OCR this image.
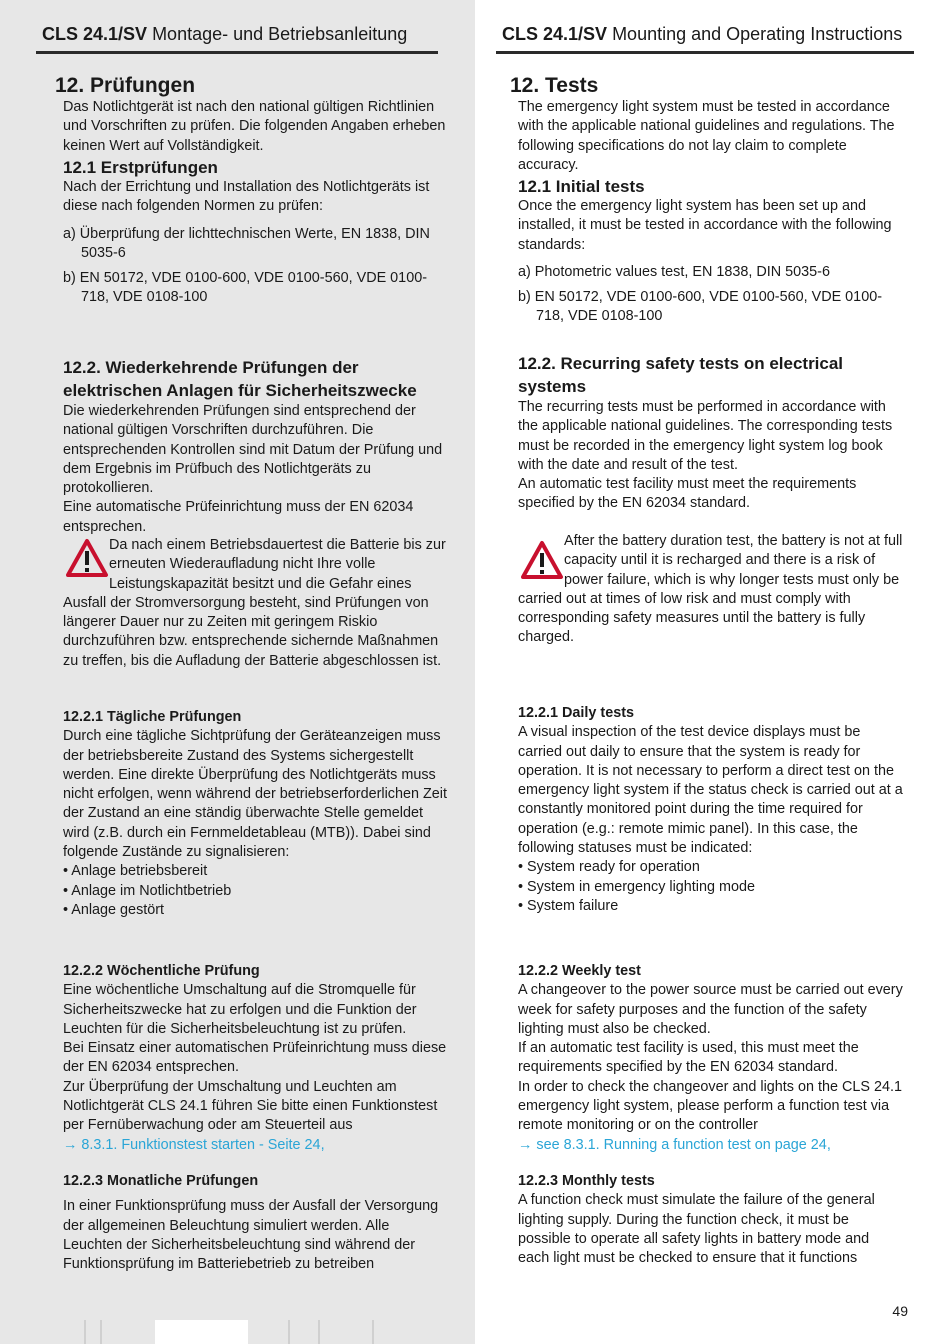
CLS 24.1/SV Montage- und Betriebsanleitung	CLS 24.1/SV Mounting and Operating Instructions
12. Prüfungen

Das Notlichtgerät ist nach den national gültigen Richtlinien und Vorschriften zu prüfen. Die folgenden Angaben erheben keinen Wert auf Vollständigkeit.

12.1 Erstprüfungen

Nach der Errichtung und Installation des Notlichtgeräts ist diese nach folgenden Normen zu prüfen:

a) Überprüfung der lichttechnischen Werte, EN 1838, DIN 5035-6
b) EN 50172, VDE 0100-600, VDE 0100-560, VDE 0100-718, VDE 0108-100
12.2. Wiederkehrende Prüfungen der elektrischen Anlagen für Sicherheitszwecke

Die wiederkehrenden Prüfungen sind entsprechend der national gültigen Vorschriften durchzuführen. Die entsprechenden Kontrollen sind mit Datum der Prüfung und dem Ergebnis im Prüfbuch des Notlichtgeräts zu protokollieren.

Eine automatische Prüfeinrichtung muss der EN 62034 entsprechen.

Da nach einem Betriebsdauertest die Batterie bis zur erneuten Wiederaufladung nicht Ihre volle Leistungskapazität besitzt und die Gefahr eines Ausfall der Stromversorgung besteht, sind Prüfungen von längerer Dauer nur zu Zeiten mit geringem Riskio durchzuführen bzw. entsprechende sichernde Maßnahmen zu treffen, bis die Aufladung der Batterie abgeschlossen ist.

12.2.1 Tägliche Prüfungen

Durch eine tägliche Sichtprüfung der Geräteanzeigen muss der betriebsbereite Zustand des Systems sichergestellt werden. Eine direkte Überprüfung des Notlichtgeräts muss nicht erfolgen, wenn während der betriebserforderlichen Zeit der Zustand an eine ständig überwachte Stelle gemeldet wird (z.B. durch ein Fernmeldetableau (MTB)). Dabei sind folgende Zustände zu signalisieren:

• Anlage betriebsbereit
• Anlage im Notlichtbetrieb
• Anlage gestört
12.2.2 Wöchentliche Prüfung

Eine wöchentliche Umschaltung auf die Stromquelle für Sicherheitszwecke hat zu erfolgen und die Funktion der Leuchten für die Sicherheitsbeleuchtung ist zu prüfen.

Bei Einsatz einer automatischen Prüfeinrichtung muss diese der EN 62034 entsprechen.

Zur Überprüfung der Umschaltung und Leuchten am Notlichtgerät CLS 24.1 führen Sie bitte einen Funktionstest per Fernüberwachung oder am Steuerteil aus

→ 8.3.1. Funktionstest starten - Seite 24,

12.2.3 Monatliche Prüfungen

In einer Funktionsprüfung muss der Ausfall der Versorgung der allgemeinen Beleuchtung simuliert werden. Alle Leuchten der Sicherheitsbeleuchtung sind während der Funktionsprüfung im Batteriebetrieb zu betreiben

12. Tests

The emergency light system must be tested in accordance with the applicable national guidelines and regulations. The following specifications do not lay claim to complete accuracy.

12.1 Initial tests

Once the emergency light system has been set up and installed, it must be tested in accordance with the following standards:

a) Photometric values test, EN 1838, DIN 5035-6
b) EN 50172, VDE 0100-600, VDE 0100-560, VDE 0100-718, VDE 0108-100
12.2. Recurring safety tests on electrical systems

The recurring tests must be performed in accordance with the applicable national guidelines. The corresponding tests must be recorded in the emergency light system log book with the date and result of the test.

An automatic test facility must meet the requirements specified by the EN 62034 standard.

After the battery duration test, the battery is not at full capacity until it is recharged and there is a risk of power failure, which is why longer tests must only be carried out at times of low risk and must comply with corresponding safety measures until the battery is fully charged.

12.2.1 Daily tests

A visual inspection of the test device displays must be carried out daily to ensure that the system is ready for operation. It is not necessary to perform a direct test on the emergency light system if the status check is carried out at a constantly monitored point during the time required for operation (e.g.: remote mimic panel). In this case, the following statuses must be indicated:

• System ready for operation
• System in emergency lighting mode
• System failure
12.2.2 Weekly test

A changeover to the power source must be carried out every week for safety purposes and the function of the safety lighting must also be checked.

If an automatic test facility is used, this must meet the requirements specified by the EN 62034 standard.

In order to check the changeover and lights on the CLS 24.1 emergency light system, please perform a function test via remote monitoring or on the controller

→ see 8.3.1. Running a function test on page 24,

12.2.3 Monthly tests

A function check must simulate the failure of the general lighting supply. During the function check, it must be possible to operate all safety lights in battery mode and each light must be checked to ensure that it functions

49
